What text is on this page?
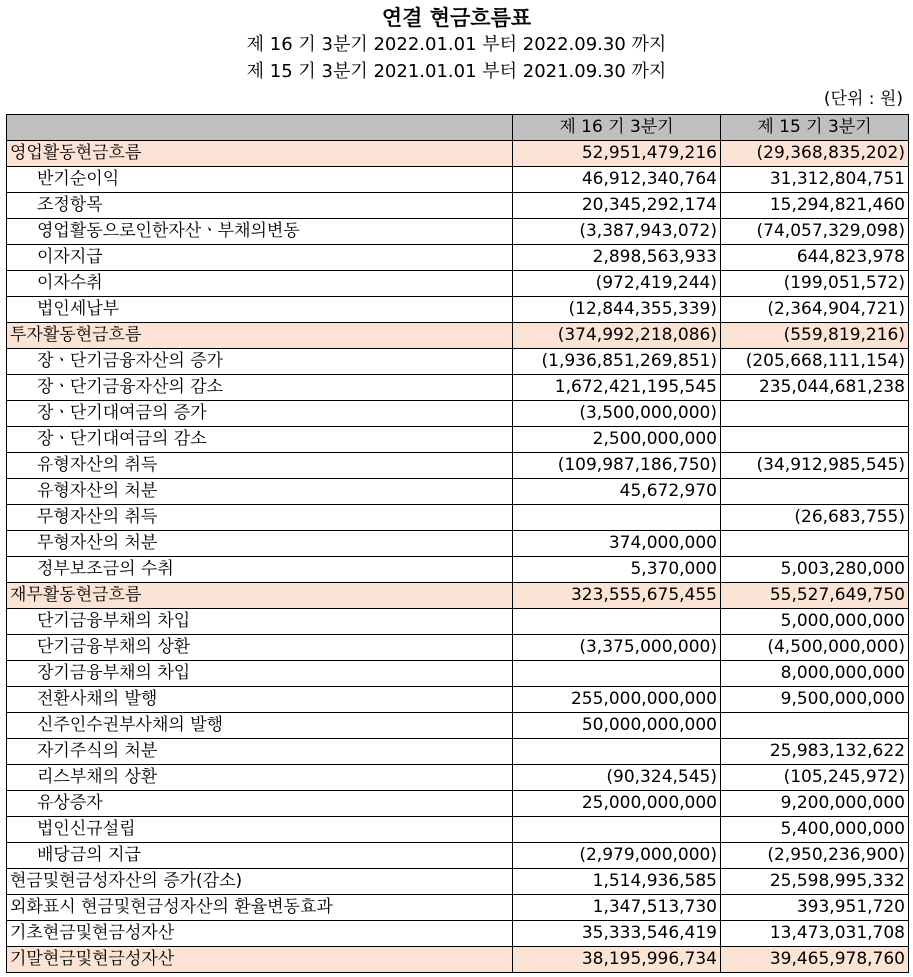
연결 현금흐름표
제 16 기 3분기 2022.01.01 부터 2022.09.30 까지
제 15 기 3분기 2021.01.01 부터 2021.09.30 까지
(단위 : 원)
	제 16 기 3분기	제 15 기 3분기
영업활동현금흐름	52,951,479,216	(29,368,835,202)
반기순이익	46,912,340,764	31,312,804,751
조정항목	20,345,292,174	15,294,821,460
영업활동으로인한자산ㆍ부채의변동	(3,387,943,072)	(74,057,329,098)
이자지급	2,898,563,933	644,823,978
이자수취	(972,419,244)	(199,051,572)
법인세납부	(12,844,355,339)	(2,364,904,721)
투자활동현금흐름	(374,992,218,086)	(559,819,216)
장ㆍ단기금융자산의 증가	(1,936,851,269,851)	(205,668,111,154)
장ㆍ단기금융자산의 감소	1,672,421,195,545	235,044,681,238
장ㆍ단기대여금의 증가	(3,500,000,000)	
장ㆍ단기대여금의 감소	2,500,000,000	
유형자산의 취득	(109,987,186,750)	(34,912,985,545)
유형자산의 처분	45,672,970	
무형자산의 취득		(26,683,755)
무형자산의 처분	374,000,000	
정부보조금의 수취	5,370,000	5,003,280,000
재무활동현금흐름	323,555,675,455	55,527,649,750
단기금융부채의 차입		5,000,000,000
단기금융부채의 상환	(3,375,000,000)	(4,500,000,000)
장기금융부채의 차입		8,000,000,000
전환사채의 발행	255,000,000,000	9,500,000,000
신주인수권부사채의 발행	50,000,000,000	
자기주식의 처분		25,983,132,622
리스부채의 상환	(90,324,545)	(105,245,972)
유상증자	25,000,000,000	9,200,000,000
법인신규설립		5,400,000,000
배당금의 지급	(2,979,000,000)	(2,950,236,900)
현금및현금성자산의 증가(감소)	1,514,936,585	25,598,995,332
외화표시 현금및현금성자산의 환율변동효과	1,347,513,730	393,951,720
기초현금및현금성자산	35,333,546,419	13,473,031,708
기말현금및현금성자산	38,195,996,734	39,465,978,760
